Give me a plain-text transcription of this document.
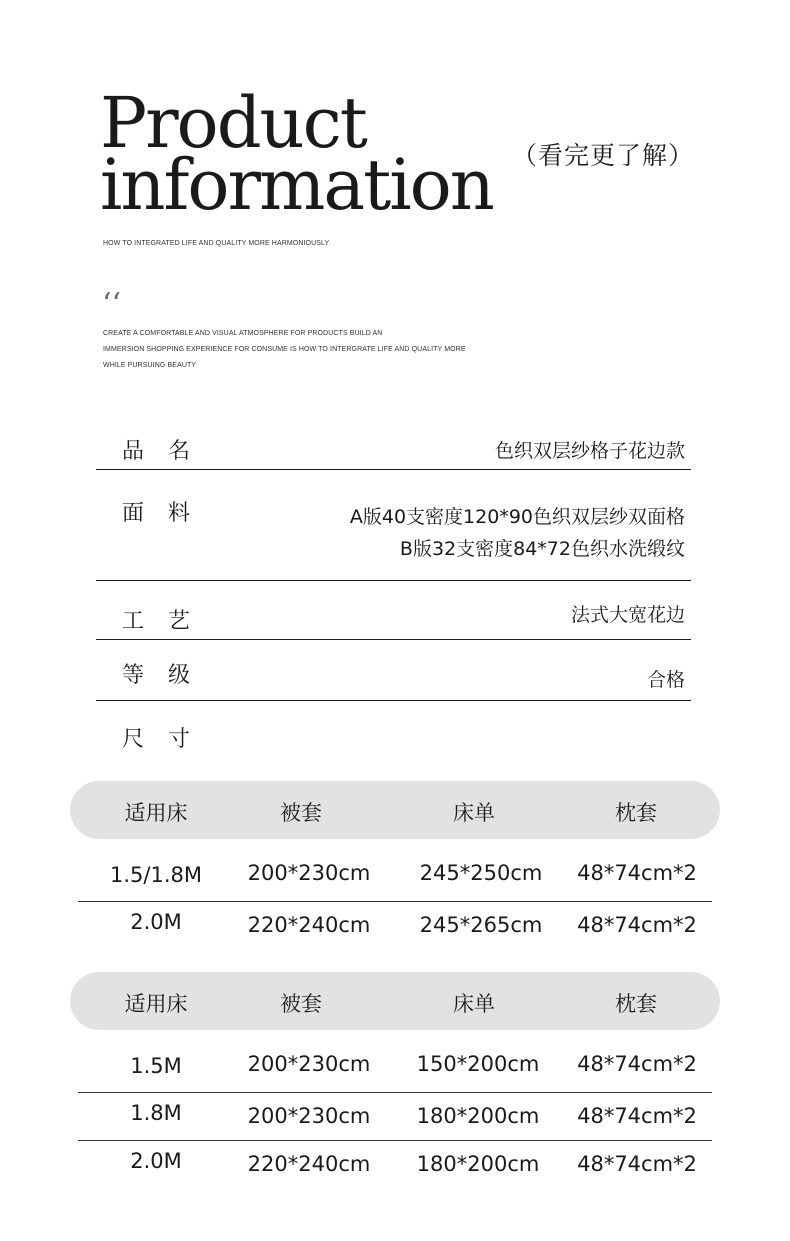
Product
information （看完更了解）
HOW TO INTEGRATED LIFE AND QUALITY MORE HARMONIOUSLY
‘‘
CREATE A COMFORTABLE AND VISUAL ATMOSPHERE FOR PRODUCTS BUILD AN
IMMERSION SHOPPING EXPERIENCE FOR CONSUME IS HOW TO INTERGRATE LIFE AND QUALITY MORE
WHILE PURSUING BEAUTY
品名	色织双层纱格子花边款
面料	A版40支密度120*90色织双层纱双面格
B版32支密度84*72色织水洗缎纹
工艺	法式大宽花边
等级	合格
尺寸
适用床	被套	床单	枕套
1.5/1.8M 200*230cm 245*250cm 48*74cm*2
2.0M	220*240cm 245*265cm 48*74cm*2
适用床	被套	床单	枕套
1.5M	200*230cm 150*200cm 48*74cm*2
1.8M	200*230cm 180*200cm 48*74cm*2
2.0M	220*240cm 180*200cm 48*74cm*2
